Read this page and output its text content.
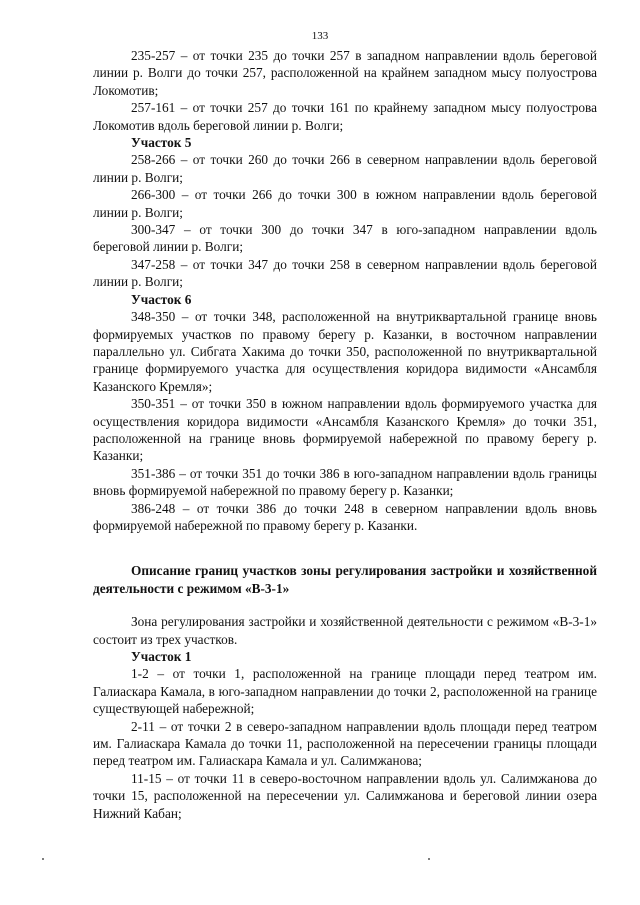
133

235-257 – от точки 235 до точки 257 в западном направлении вдоль береговой линии р. Волги до точки 257, расположенной на крайнем западном мысу полуострова Локомотив;

257-161 – от точки 257 до точки 161 по крайнему западном мысу полуострова Локомотив вдоль береговой линии р. Волги;

Участок 5

258-266 – от точки 260 до точки 266 в северном направлении вдоль береговой линии р. Волги;

266-300 – от точки 266 до точки 300 в южном направлении вдоль береговой линии р. Волги;

300-347 – от точки 300 до точки 347 в юго-западном направлении вдоль береговой линии р. Волги;

347-258 – от точки 347 до точки 258 в северном направлении вдоль береговой линии р. Волги;

Участок 6

348-350 – от точки 348, расположенной на внутриквартальной границе вновь формируемых участков по правому берегу р. Казанки, в восточном направлении параллельно ул. Сибгата Хакима до точки 350, расположенной по внутриквартальной границе формируемого участка для осуществления коридора видимости «Ансамбля Казанского Кремля»;

350-351 – от точки 350 в южном направлении вдоль формируемого участка для осуществления коридора видимости «Ансамбля Казанского Кремля» до точки 351, расположенной на границе вновь формируемой набережной по правому берегу р. Казанки;

351-386 – от точки 351 до точки 386 в юго-западном направлении вдоль границы вновь формируемой набережной по правому берегу р. Казанки;

386-248 – от точки 386 до точки 248 в северном направлении вдоль вновь формируемой набережной по правому берегу р. Казанки.

Описание границ участков зоны регулирования застройки и хозяйственной деятельности с режимом «В-3-1»

Зона регулирования застройки и хозяйственной деятельности с режимом «В-3-1» состоит из трех участков.

Участок 1

1-2 – от точки 1, расположенной на границе площади перед театром им. Галиаскара Камала, в юго-западном направлении до точки 2, расположенной на границе существующей набережной;

2-11 – от точки 2 в северо-западном направлении вдоль площади перед театром им. Галиаскара Камала до точки 11, расположенной на пересечении границы площади перед театром им. Галиаскара Камала и ул. Салимжанова;

11-15 – от точки 11 в северо-восточном направлении вдоль ул. Салимжанова до точки 15, расположенной на пересечении ул. Салимжанова и береговой линии озера Нижний Кабан;
